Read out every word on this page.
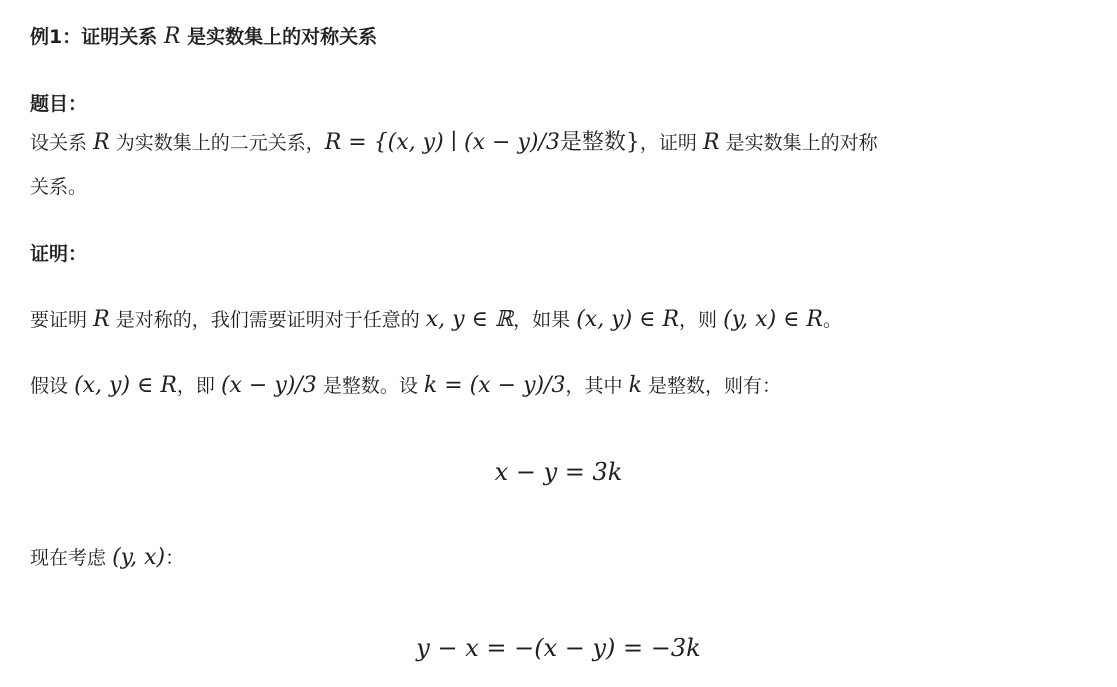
例1：证明关系 R 是实数集上的对称关系
题目：
设关系 R 为实数集上的二元关系，R = {(x, y) ∣ (x − y)/3是整数}，证明 R 是实数集上的对称
关系。
证明：
要证明 R 是对称的，我们需要证明对于任意的 x, y ∈ ℝ，如果 (x, y) ∈ R，则 (y, x) ∈ R。
假设 (x, y) ∈ R，即 (x − y)/3 是整数。设 k = (x − y)/3，其中 k 是整数，则有：
x − y = 3k
现在考虑 (y, x)：
y − x = −(x − y) = −3k
